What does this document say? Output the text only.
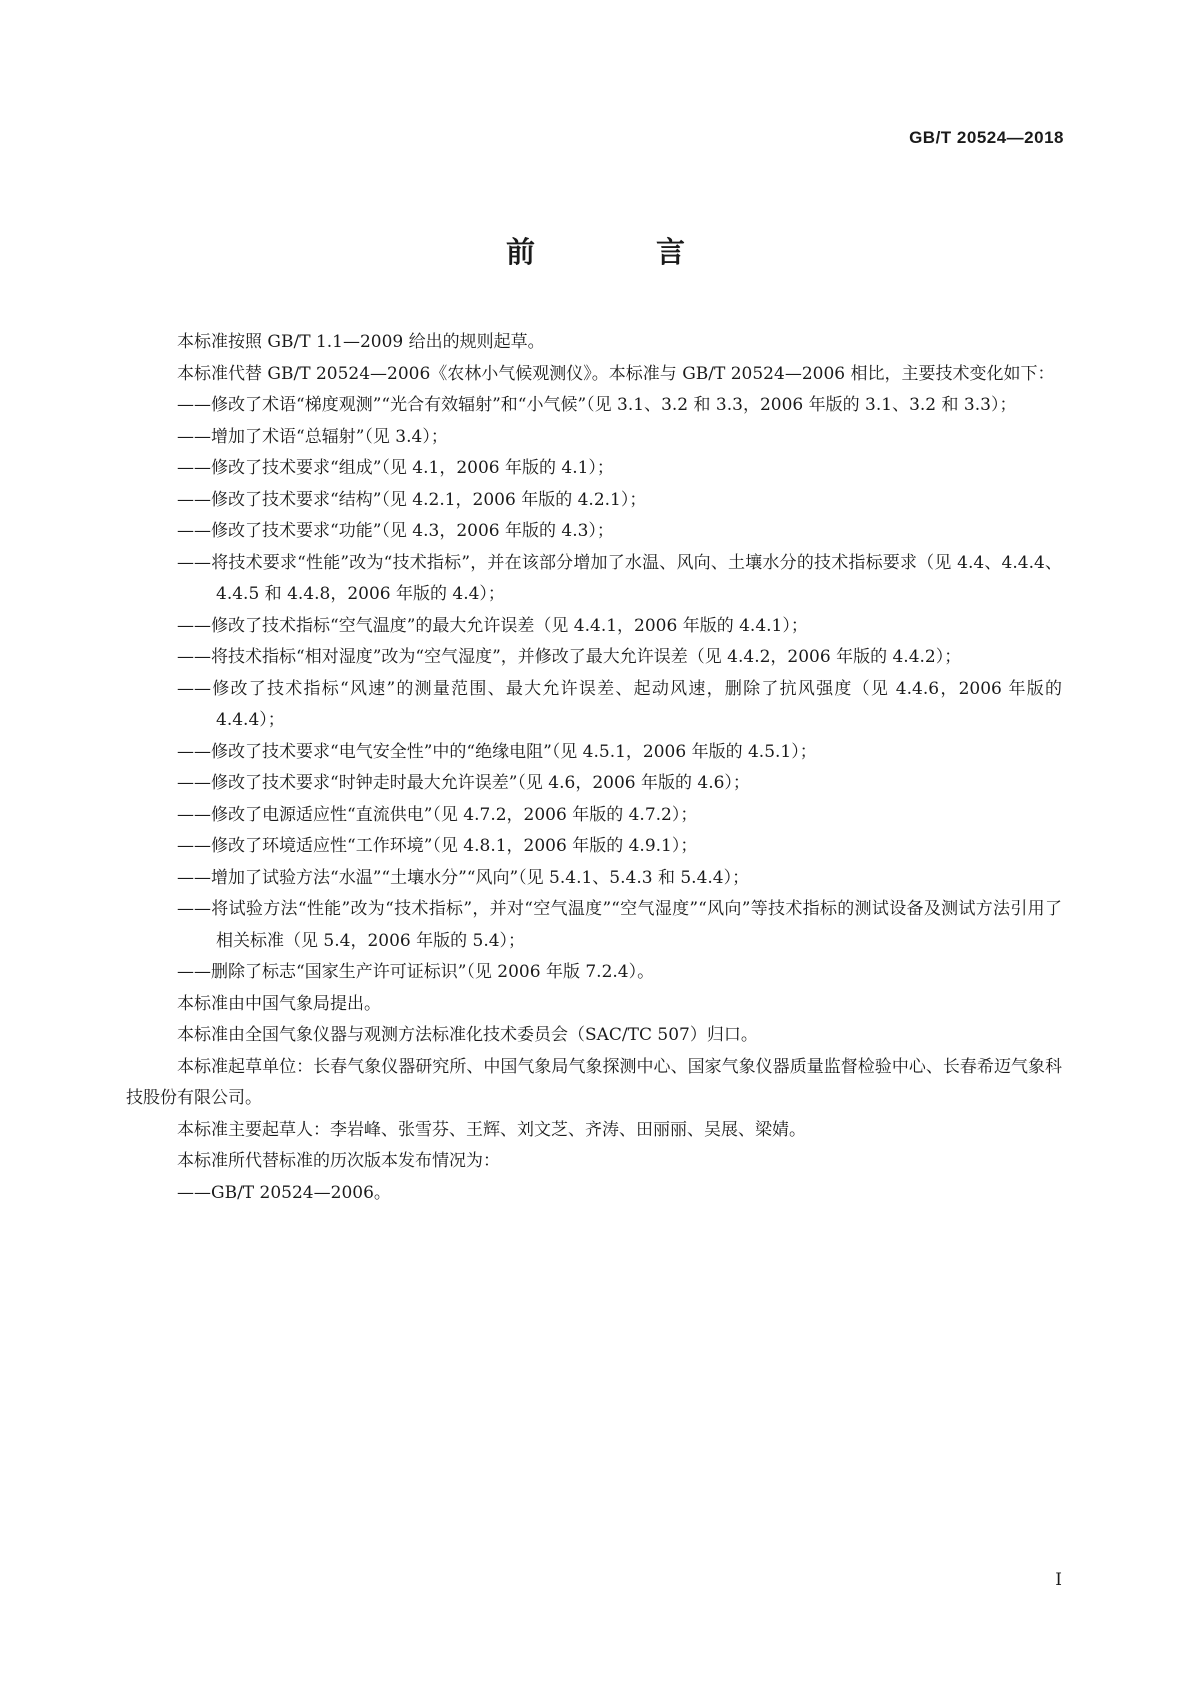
GB/T 20524—2018
前　言

本标准按照 GB/T 1.1—2009 给出的规则起草。

本标准代替 GB/T 20524—2006《农林小气候观测仪》。本标准与 GB/T 20524—2006 相比，主要技术变化如下：

——修改了术语“梯度观测”“光合有效辐射”和“小气候”（见 3.1、3.2 和 3.3，2006 年版的 3.1、3.2 和 3.3）；

——增加了术语“总辐射”（见 3.4）；

——修改了技术要求“组成”（见 4.1，2006 年版的 4.1）；

——修改了技术要求“结构”（见 4.2.1，2006 年版的 4.2.1）；

——修改了技术要求“功能”（见 4.3，2006 年版的 4.3）；

——将技术要求“性能”改为“技术指标”，并在该部分增加了水温、风向、土壤水分的技术指标要求（见 4.4、4.4.4、4.4.5 和 4.4.8，2006 年版的 4.4）；

——修改了技术指标“空气温度”的最大允许误差（见 4.4.1，2006 年版的 4.4.1）；

——将技术指标“相对湿度”改为“空气湿度”，并修改了最大允许误差（见 4.4.2，2006 年版的 4.4.2）；

——修改了技术指标“风速”的测量范围、最大允许误差、起动风速，删除了抗风强度（见 4.4.6，2006 年版的 4.4.4）；

——修改了技术要求“电气安全性”中的“绝缘电阻”（见 4.5.1，2006 年版的 4.5.1）；

——修改了技术要求“时钟走时最大允许误差”（见 4.6，2006 年版的 4.6）；

——修改了电源适应性“直流供电”（见 4.7.2，2006 年版的 4.7.2）；

——修改了环境适应性“工作环境”（见 4.8.1，2006 年版的 4.9.1）；

——增加了试验方法“水温”“土壤水分”“风向”（见 5.4.1、5.4.3 和 5.4.4）；

——将试验方法“性能”改为“技术指标”，并对“空气温度”“空气湿度”“风向”等技术指标的测试设备及测试方法引用了相关标准（见 5.4，2006 年版的 5.4）；

——删除了标志“国家生产许可证标识”（见 2006 年版 7.2.4）。

本标准由中国气象局提出。

本标准由全国气象仪器与观测方法标准化技术委员会（SAC/TC 507）归口。

本标准起草单位：长春气象仪器研究所、中国气象局气象探测中心、国家气象仪器质量监督检验中心、长春希迈气象科技股份有限公司。

本标准主要起草人：李岩峰、张雪芬、王辉、刘文芝、齐涛、田丽丽、吴展、梁婧。

本标准所代替标准的历次版本发布情况为：

——GB/T 20524—2006。

I
